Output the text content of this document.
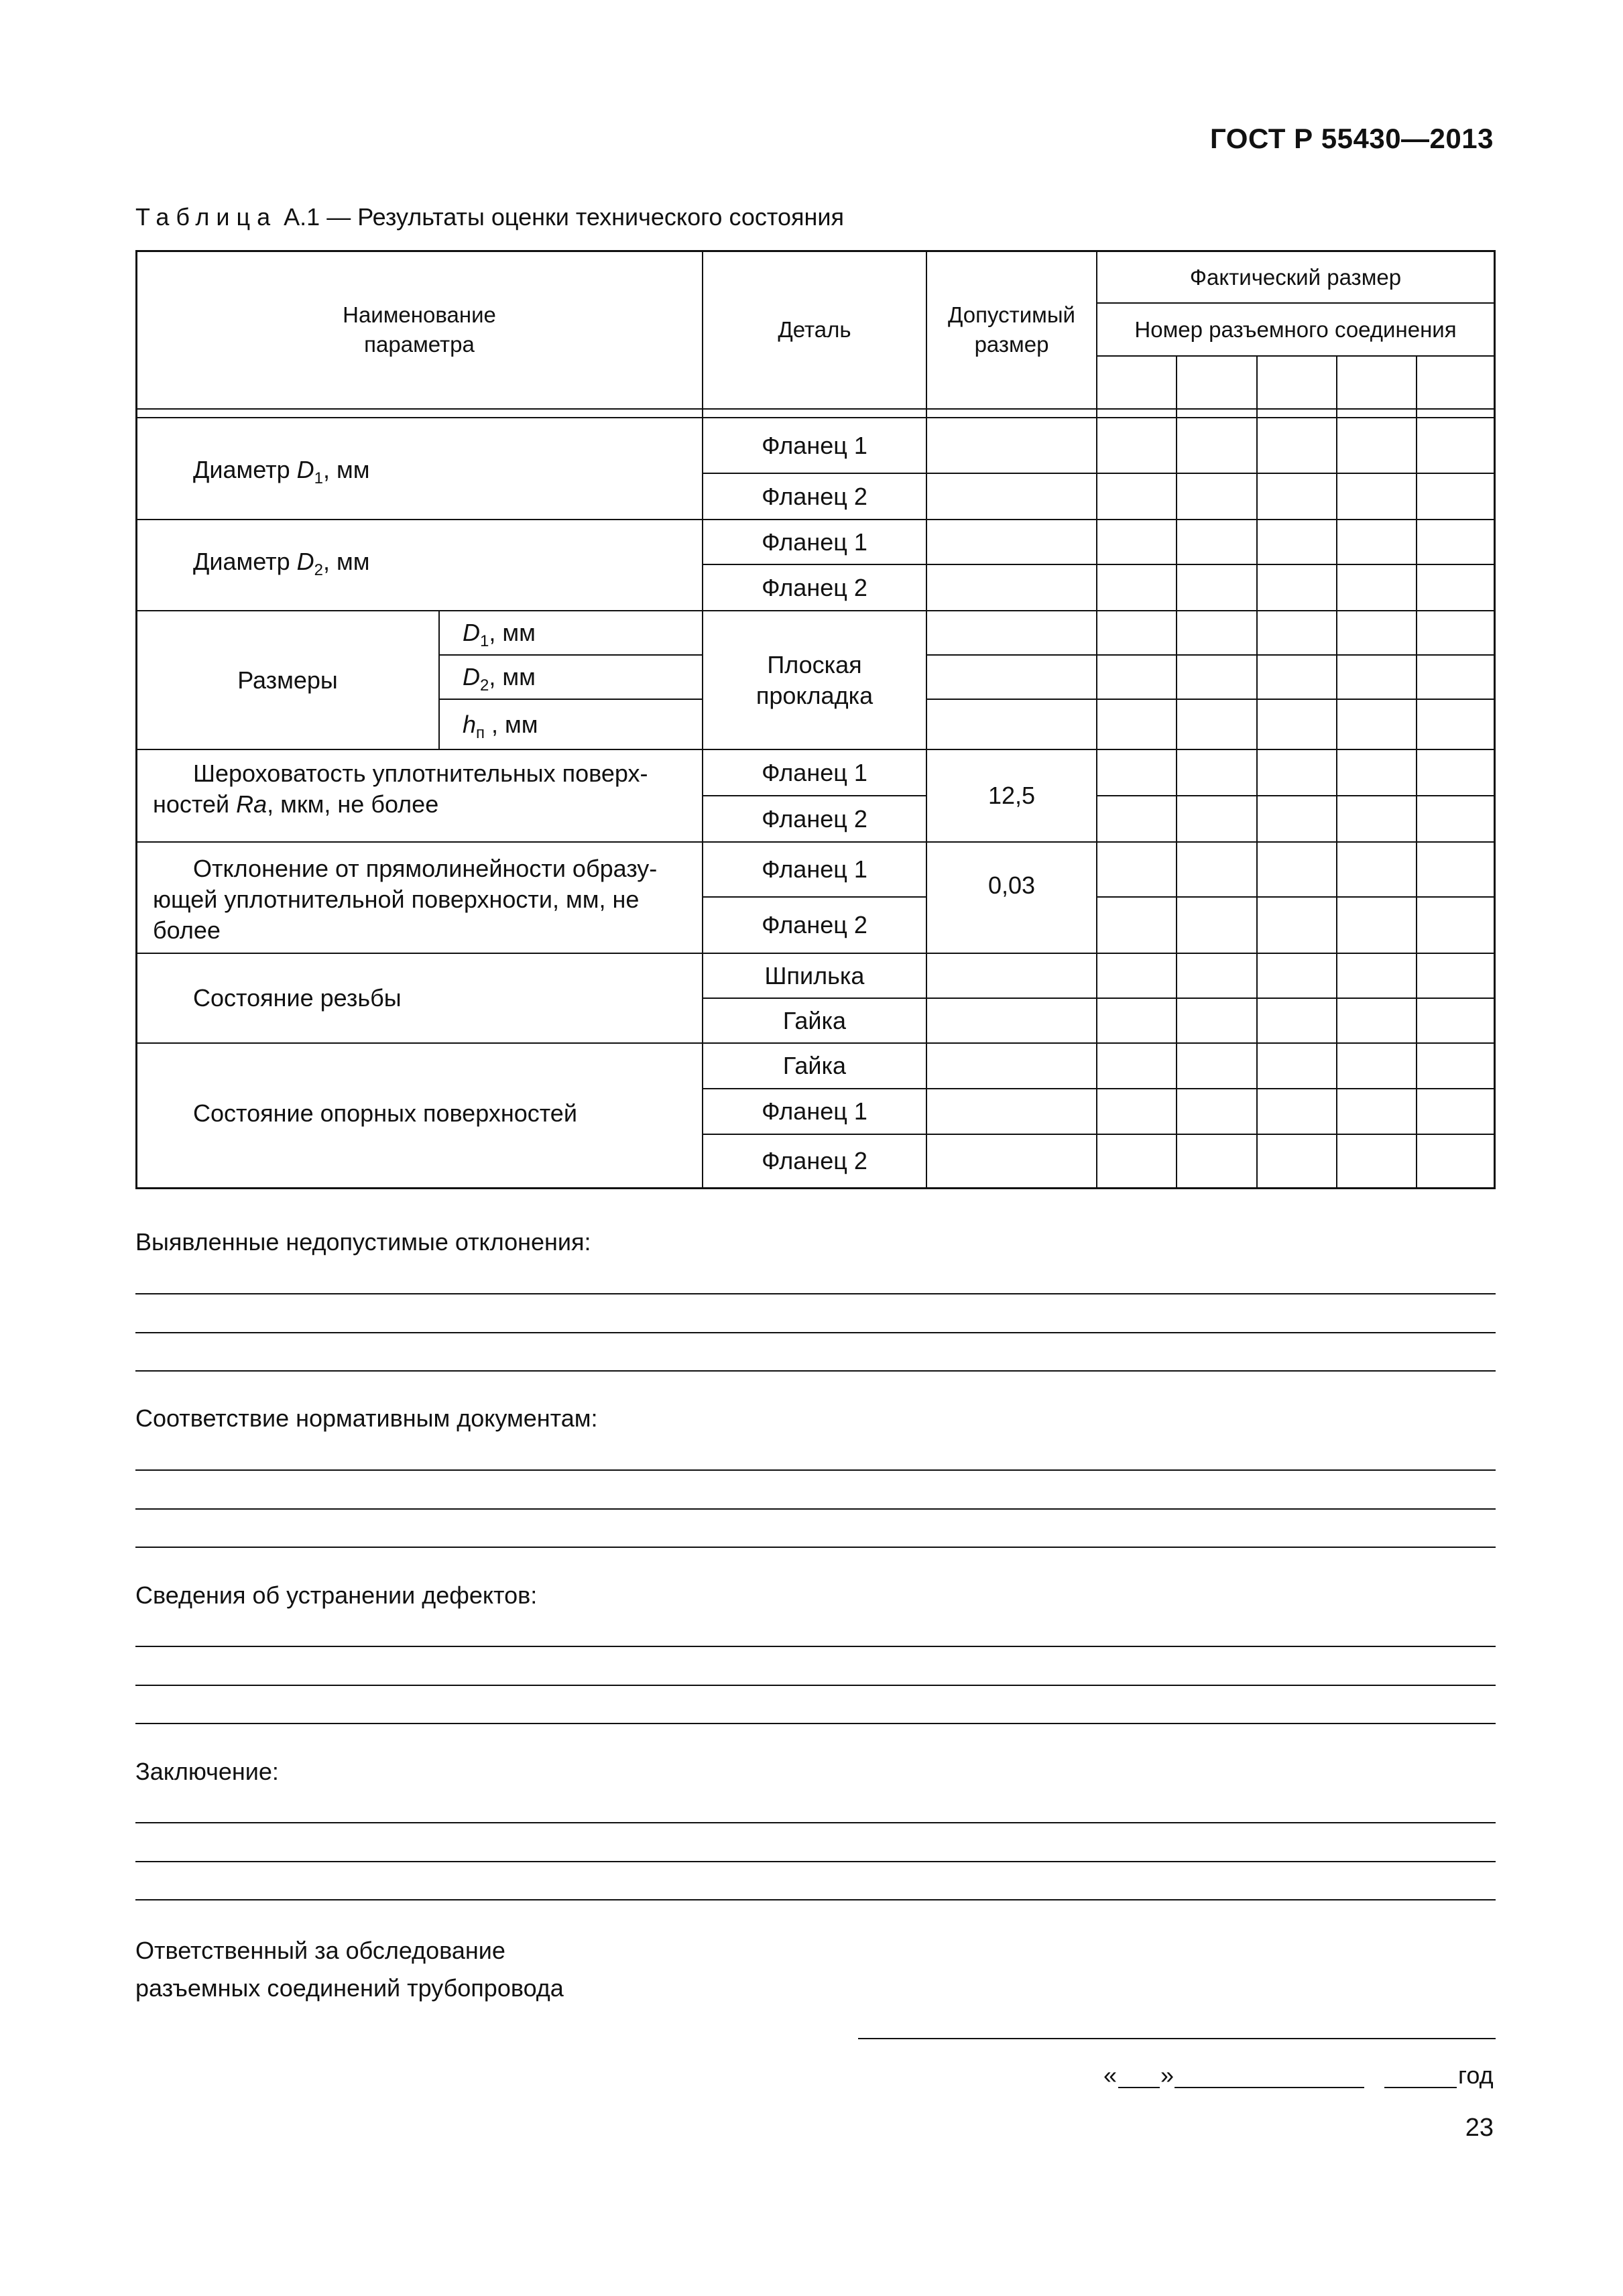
ГОСТ Р 55430—2013
Таблица А.1 — Результаты оценки технического состояния
Наименование
параметра
Деталь
Допустимый
размер
Фактический размер
Номер разъемного соединения
Диаметр $D_1$, мм
Фланец 1
Фланец 2
Диаметр $D_2$, мм
Фланец 1
Фланец 2
Размеры
$D_1$, мм
$D_2$, мм
$h_п$ , мм
Плоская
прокладка
Шероховатость уплотнительных поверх-
ностей Ra, мкм, не более
Фланец 1
Фланец 2
12,5
Отклонение от прямолинейности образу-
ющей уплотнительной поверхности, мм, не
более
Фланец 1
Фланец 2
0,03
Состояние резьбы
Шпилька
Гайка
Состояние опорных поверхностей
Гайка
Фланец 1
Фланец 2
Выявленные недопустимые отклонения:
Соответствие нормативным документам:
Сведения об устранении дефектов:
Заключение:
Ответственный за обследование
разъемных соединений трубопровода
« »	год
23
